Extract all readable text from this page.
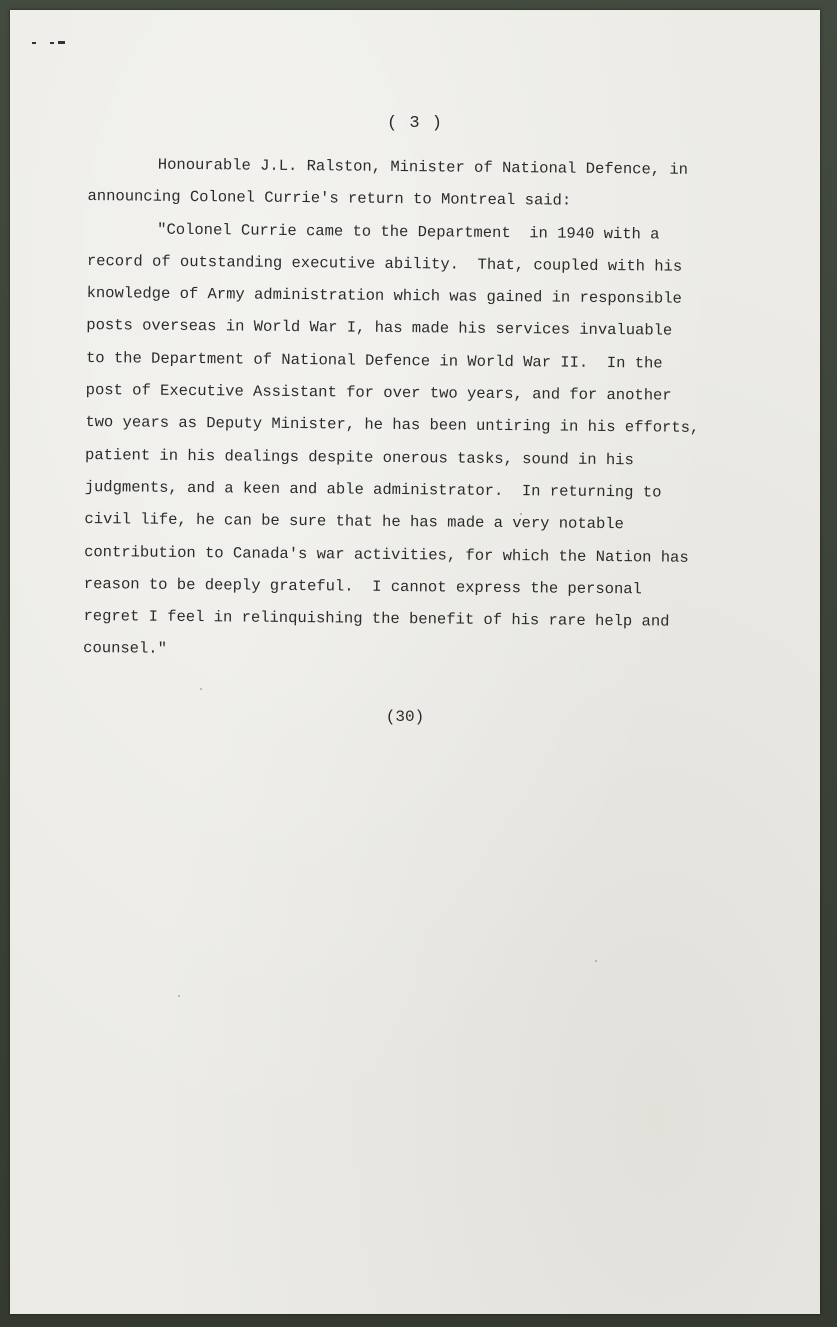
( 3 )
Honourable J.L. Ralston, Minister of National Defence, in
announcing Colonel Currie's return to Montreal said:
"Colonel Currie came to the Department  in 1940 with a
record of outstanding executive ability.  That, coupled with his
knowledge of Army administration which was gained in responsible
posts overseas in World War I, has made his services invaluable
to the Department of National Defence in World War II.  In the
post of Executive Assistant for over two years, and for another
two years as Deputy Minister, he has been untiring in his efforts,
patient in his dealings despite onerous tasks, sound in his
judgments, and a keen and able administrator.  In returning to
civil life, he can be sure that he has made a very notable
contribution to Canada's war activities, for which the Nation has
reason to be deeply grateful.  I cannot express the personal
regret I feel in relinquishing the benefit of his rare help and
counsel."
(30)
